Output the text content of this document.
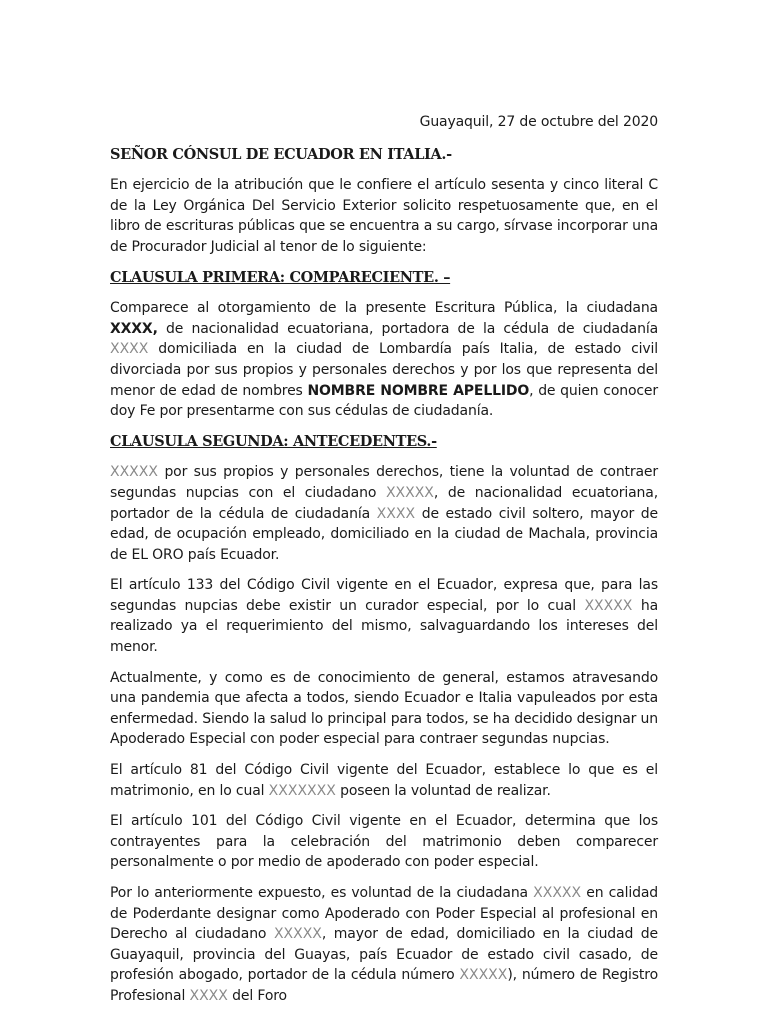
Guayaquil, 27 de octubre del 2020
SEÑOR CÓNSUL DE ECUADOR EN ITALIA.-

En ejercicio de la atribución que le confiere el artículo sesenta y cinco literal C de la Ley Orgánica Del Servicio Exterior solicito respetuosamente que, en el libro de escrituras públicas que se encuentra a su cargo, sírvase incorporar una de Procurador Judicial al tenor de lo siguiente:

CLAUSULA PRIMERA: COMPARECIENTE. –

Comparece al otorgamiento de la presente Escritura Pública, la ciudadana XXXX, de nacionalidad ecuatoriana, portadora de la cédula de ciudadanía XXXX domiciliada en la ciudad de Lombardía país Italia, de estado civil divorciada por sus propios y personales derechos y por los que representa del menor de edad de nombres NOMBRE NOMBRE APELLIDO, de quien conocer doy Fe por presentarme con sus cédulas de ciudadanía.

CLAUSULA SEGUNDA: ANTECEDENTES.-

XXXXX por sus propios y personales derechos, tiene la voluntad de contraer segundas nupcias con el ciudadano XXXXX, de nacionalidad ecuatoriana, portador de la cédula de ciudadanía XXXX de estado civil soltero, mayor de edad, de ocupación empleado, domiciliado en la ciudad de Machala, provincia de EL ORO país Ecuador.

El artículo 133 del Código Civil vigente en el Ecuador, expresa que, para las segundas nupcias debe existir un curador especial, por lo cual XXXXX ha realizado ya el requerimiento del mismo, salvaguardando los intereses del menor.

Actualmente, y como es de conocimiento de general, estamos atravesando una pandemia que afecta a todos, siendo Ecuador e Italia vapuleados por esta enfermedad. Siendo la salud lo principal para todos, se ha decidido designar un Apoderado Especial con poder especial para contraer segundas nupcias.

El artículo 81 del Código Civil vigente del Ecuador, establece lo que es el matrimonio, en lo cual XXXXXXX poseen la voluntad de realizar.

El artículo 101 del Código Civil vigente en el Ecuador, determina que los contrayentes para la celebración del matrimonio deben comparecer personalmente o por medio de apoderado con poder especial.

Por lo anteriormente expuesto, es voluntad de la ciudadana XXXXX en calidad de Poderdante designar como Apoderado con Poder Especial al profesional en Derecho al ciudadano XXXXX, mayor de edad, domiciliado en la ciudad de Guayaquil, provincia del Guayas, país Ecuador de estado civil casado, de profesión abogado, portador de la cédula número XXXXX), número de Registro Profesional XXXX del Foro
